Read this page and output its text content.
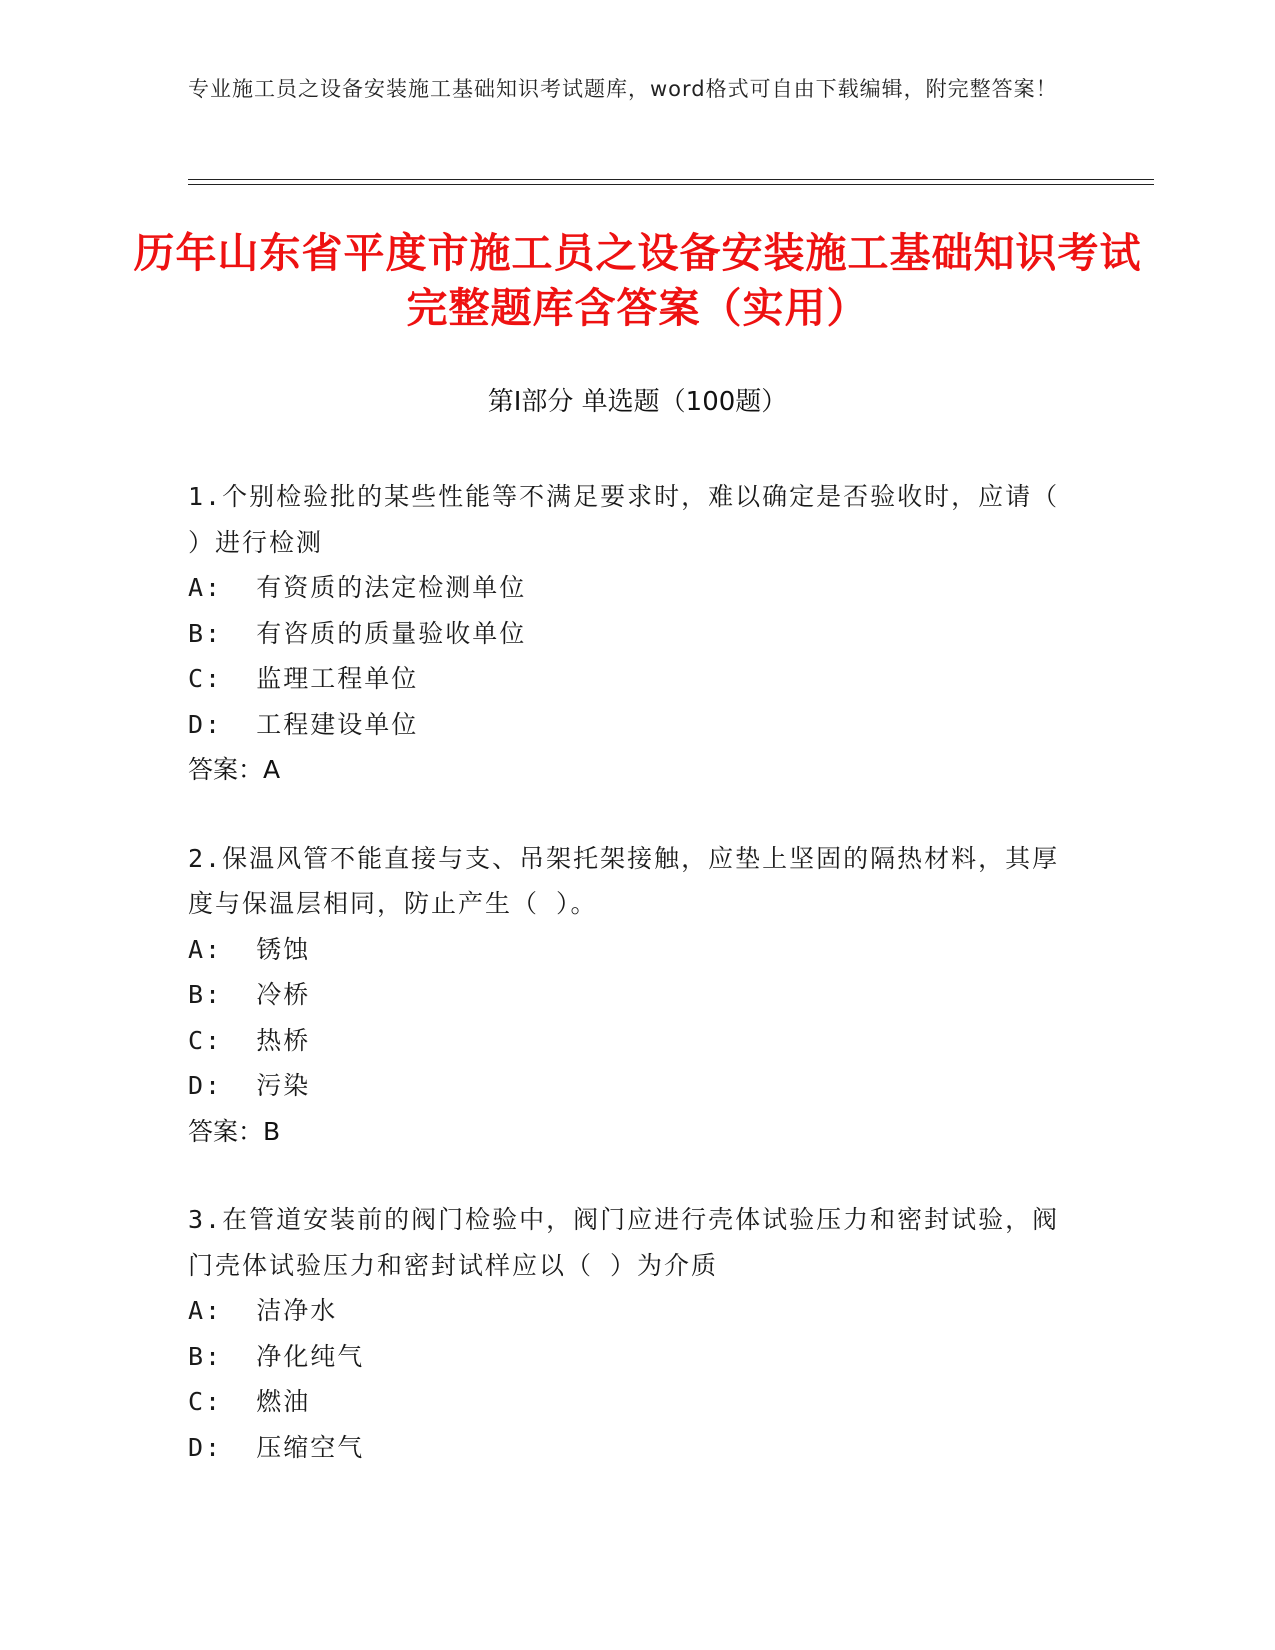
专业施工员之设备安装施工基础知识考试题库，word格式可自由下载编辑，附完整答案！
历年山东省平度市施工员之设备安装施工基础知识考试完整题库含答案（实用）
第Ⅰ部分 单选题（100题）

1.个别检验批的某些性能等不满足要求时，难以确定是否验收时，应请（ ）进行检测

A:  有资质的法定检测单位

B:  有咨质的质量验收单位

C:  监理工程单位

D:  工程建设单位

答案：A

2.保温风管不能直接与支、吊架托架接触，应垫上坚固的隔热材料，其厚度与保温层相同，防止产生（ ）。

A:  锈蚀

B:  冷桥

C:  热桥

D:  污染

答案：B

3.在管道安装前的阀门检验中，阀门应进行壳体试验压力和密封试验，阀门壳体试验压力和密封试样应以（ ）为介质

A:  洁净水

B:  净化纯气

C:  燃油

D:  压缩空气
